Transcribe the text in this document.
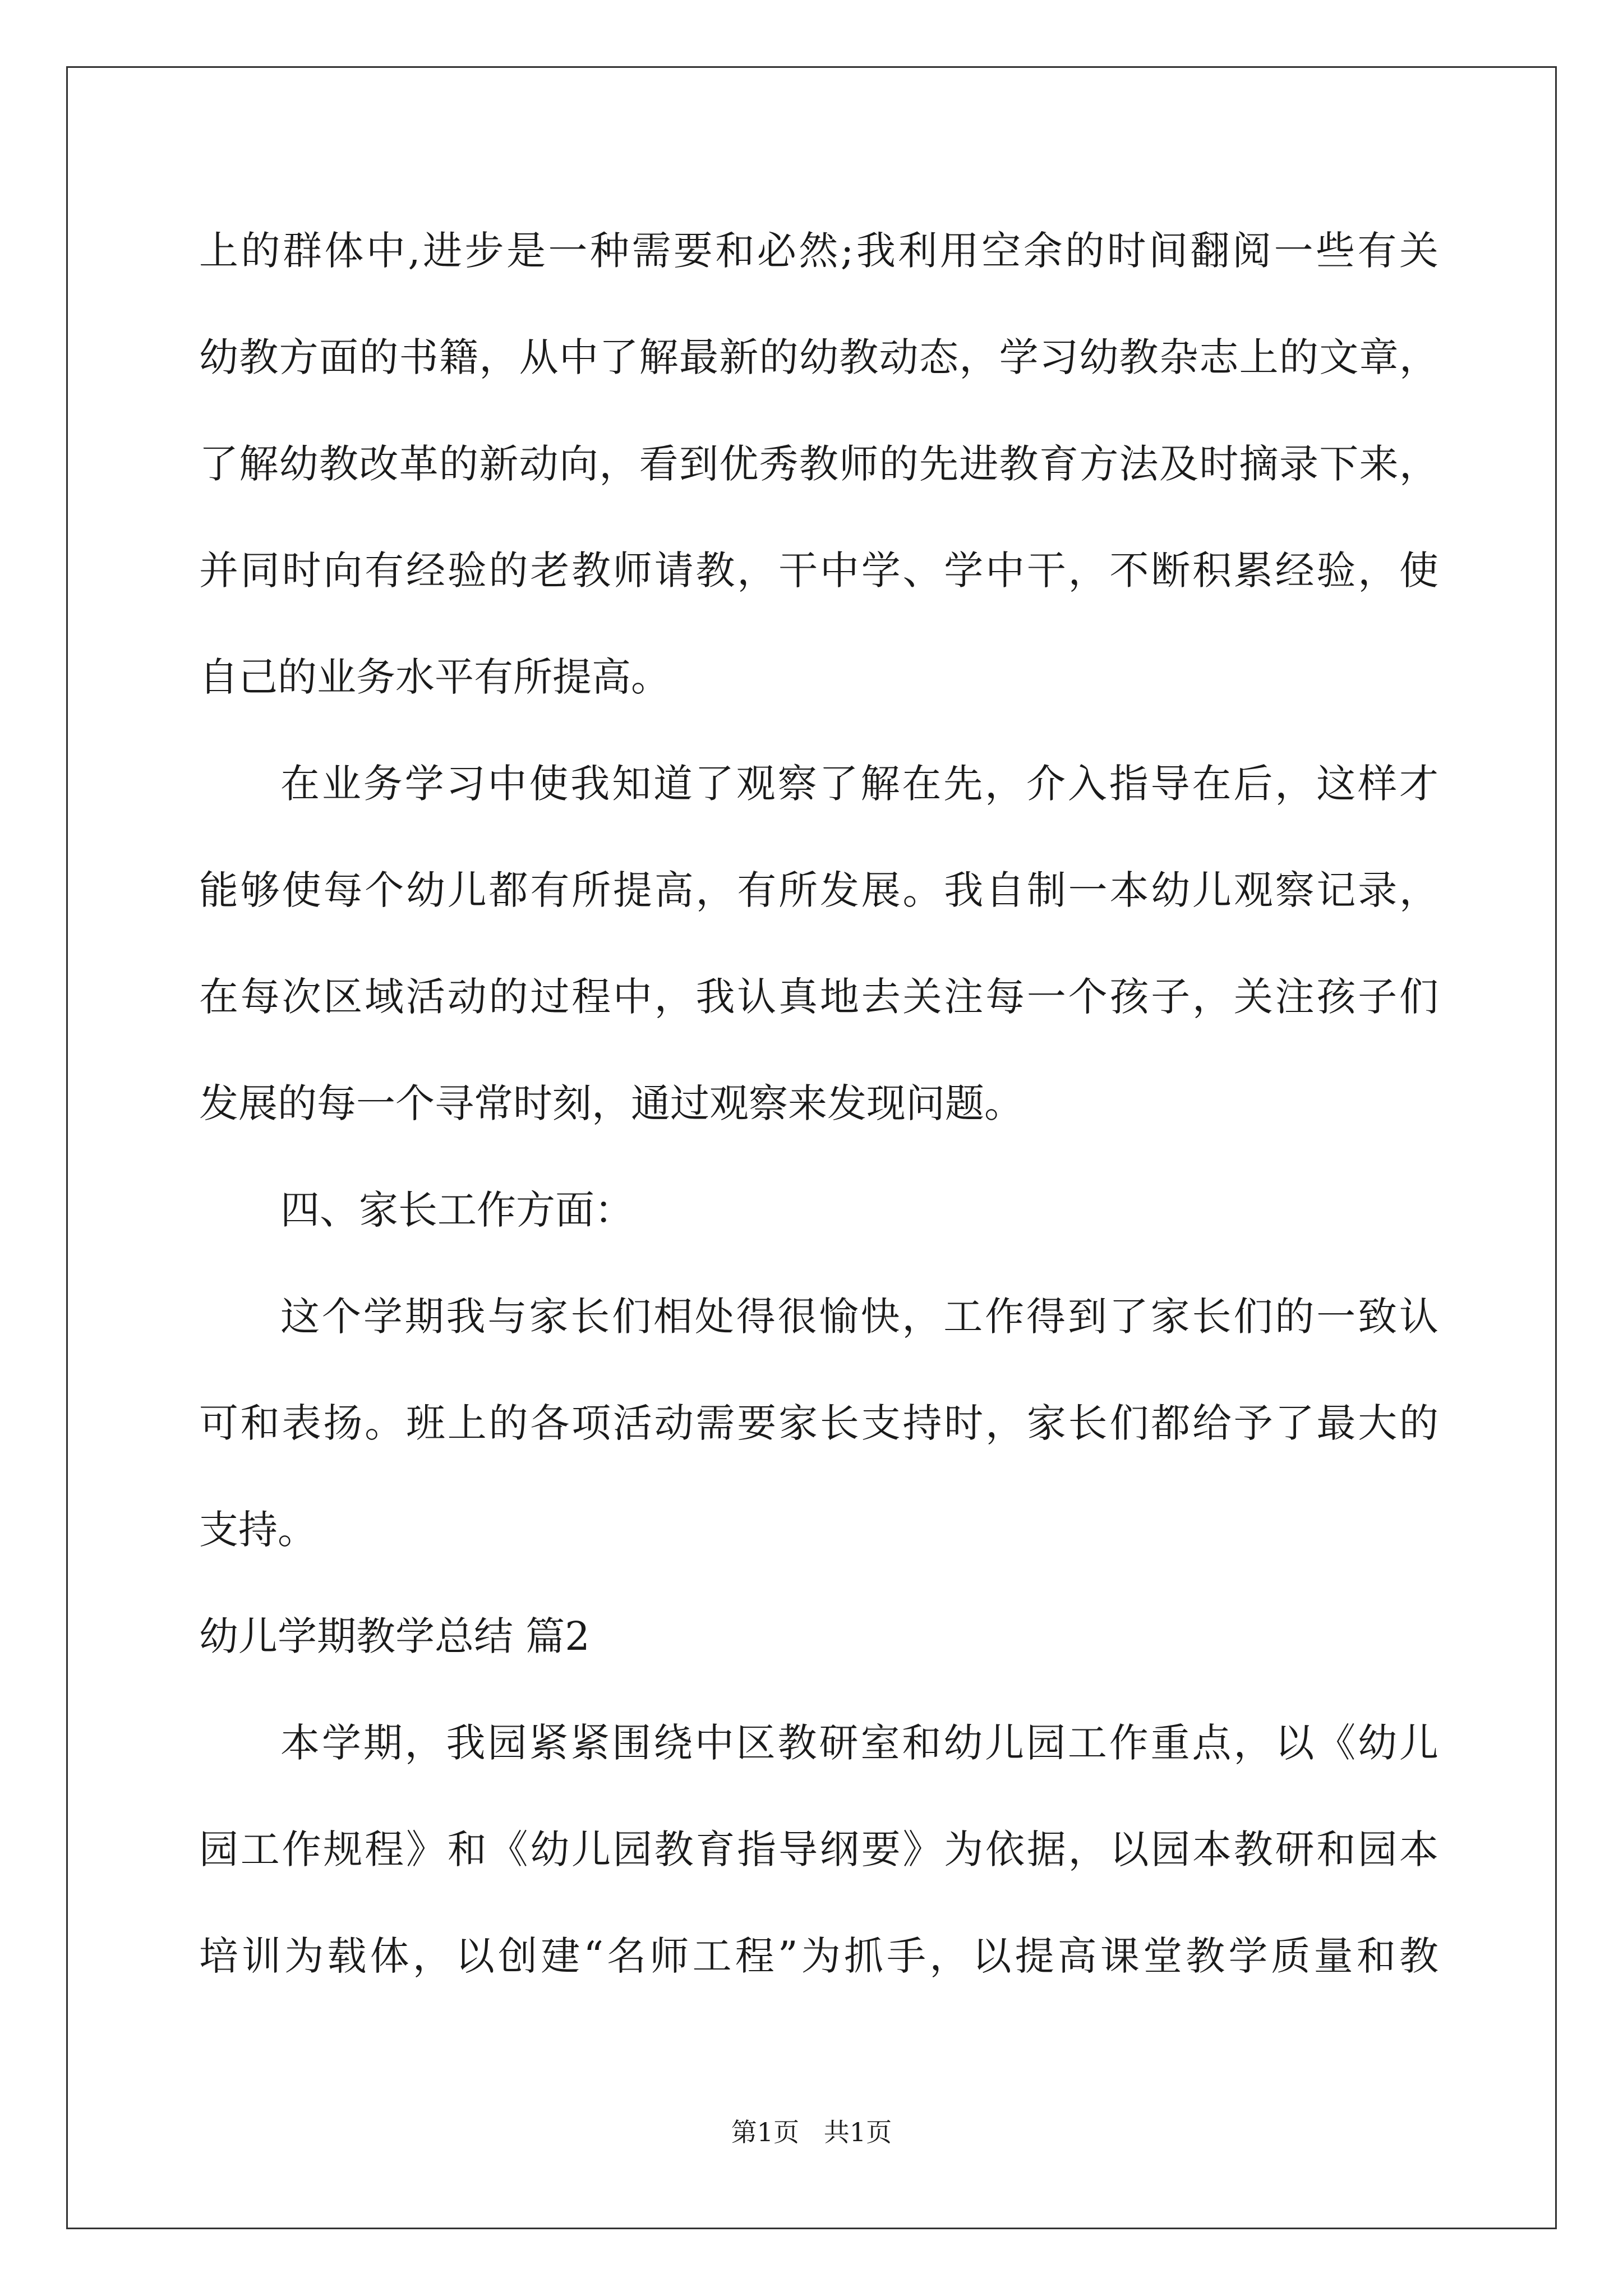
上的群体中,进步是一种需要和必然;我利用空余的时间翻阅一些有关
幼教方面的书籍，从中了解最新的幼教动态，学习幼教杂志上的文章，
了解幼教改革的新动向，看到优秀教师的先进教育方法及时摘录下来，
并同时向有经验的老教师请教，干中学、学中干，不断积累经验，使
自己的业务水平有所提高。
在业务学习中使我知道了观察了解在先，介入指导在后，这样才
能够使每个幼儿都有所提高，有所发展。我自制一本幼儿观察记录，
在每次区域活动的过程中，我认真地去关注每一个孩子，关注孩子们
发展的每一个寻常时刻，通过观察来发现问题。
四、家长工作方面：
这个学期我与家长们相处得很愉快，工作得到了家长们的一致认
可和表扬。班上的各项活动需要家长支持时，家长们都给予了最大的
支持。
幼儿学期教学总结 篇2
本学期，我园紧紧围绕中区教研室和幼儿园工作重点，以《幼儿
园工作规程》和《幼儿园教育指导纲要》为依据，以园本教研和园本
培训为载体，以创建“名师工程”为抓手，以提高课堂教学质量和教
第1页   共1页
